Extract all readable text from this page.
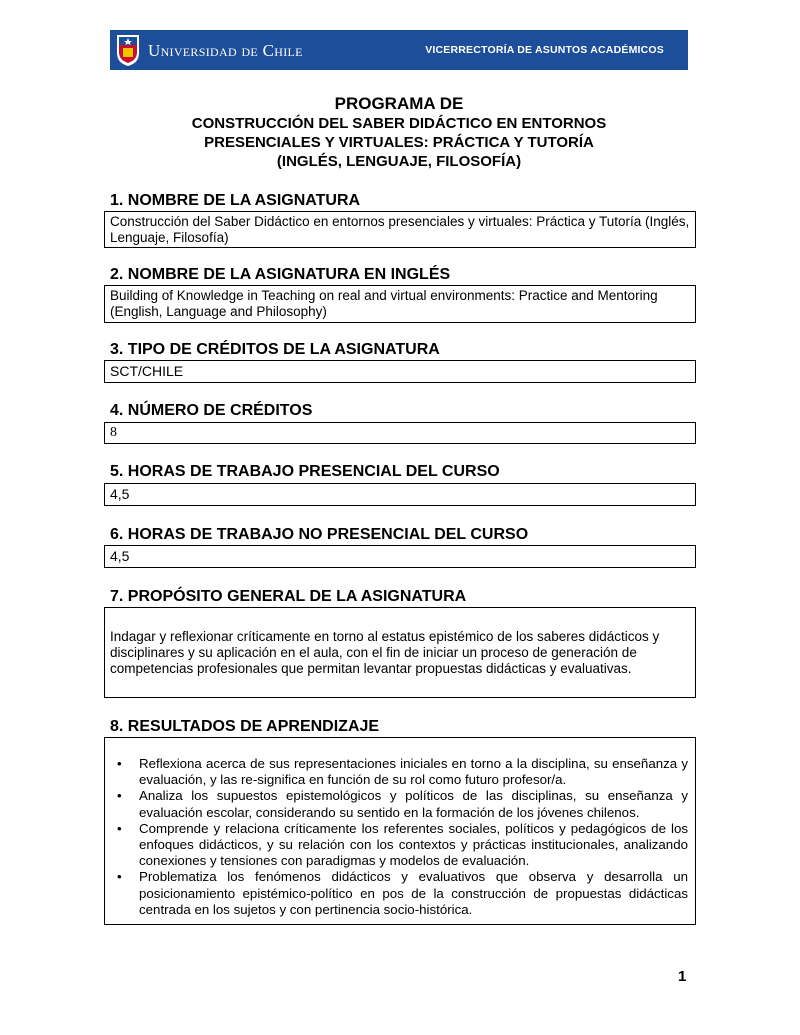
Universidad de Chile	VICERRECTORÍA DE ASUNTOS ACADÉMICOS
PROGRAMA DE
CONSTRUCCIÓN DEL SABER DIDÁCTICO EN ENTORNOS
PRESENCIALES Y VIRTUALES: PRÁCTICA Y TUTORÍA
(INGLÉS, LENGUAJE, FILOSOFÍA)
1. NOMBRE DE LA ASIGNATURA
Construcción del Saber Didáctico en entornos presenciales y virtuales: Práctica y Tutoría (Inglés, Lenguaje, Filosofía)
2. NOMBRE DE LA ASIGNATURA EN INGLÉS
Building of Knowledge in Teaching on real and virtual environments: Practice and Mentoring (English, Language and Philosophy)
3. TIPO DE CRÉDITOS DE LA ASIGNATURA
SCT/CHILE
4. NÚMERO DE CRÉDITOS
8
5. HORAS DE TRABAJO PRESENCIAL DEL CURSO
4,5
6. HORAS DE TRABAJO NO PRESENCIAL DEL CURSO
4,5
7. PROPÓSITO GENERAL DE LA ASIGNATURA
Indagar y reflexionar críticamente en torno al estatus epistémico de los saberes didácticos y disciplinares y su aplicación en el aula, con el fin de iniciar un proceso de generación de competencias profesionales que permitan levantar propuestas didácticas y evaluativas.
8. RESULTADOS DE APRENDIZAJE
• Reflexiona acerca de sus representaciones iniciales en torno a la disciplina, su enseñanza y evaluación, y las re-significa en función de su rol como futuro profesor/a.
• Analiza los supuestos epistemológicos y políticos de las disciplinas, su enseñanza y evaluación escolar, considerando su sentido en la formación de los jóvenes chilenos.
• Comprende y relaciona críticamente los referentes sociales, políticos y pedagógicos de los enfoques didácticos, y su relación con los contextos y prácticas institucionales, analizando conexiones y tensiones con paradigmas y modelos de evaluación.
• Problematiza los fenómenos didácticos y evaluativos que observa y desarrolla un posicionamiento epistémico-político en pos de la construcción de propuestas didácticas centrada en los sujetos y con pertinencia socio-histórica.
1
